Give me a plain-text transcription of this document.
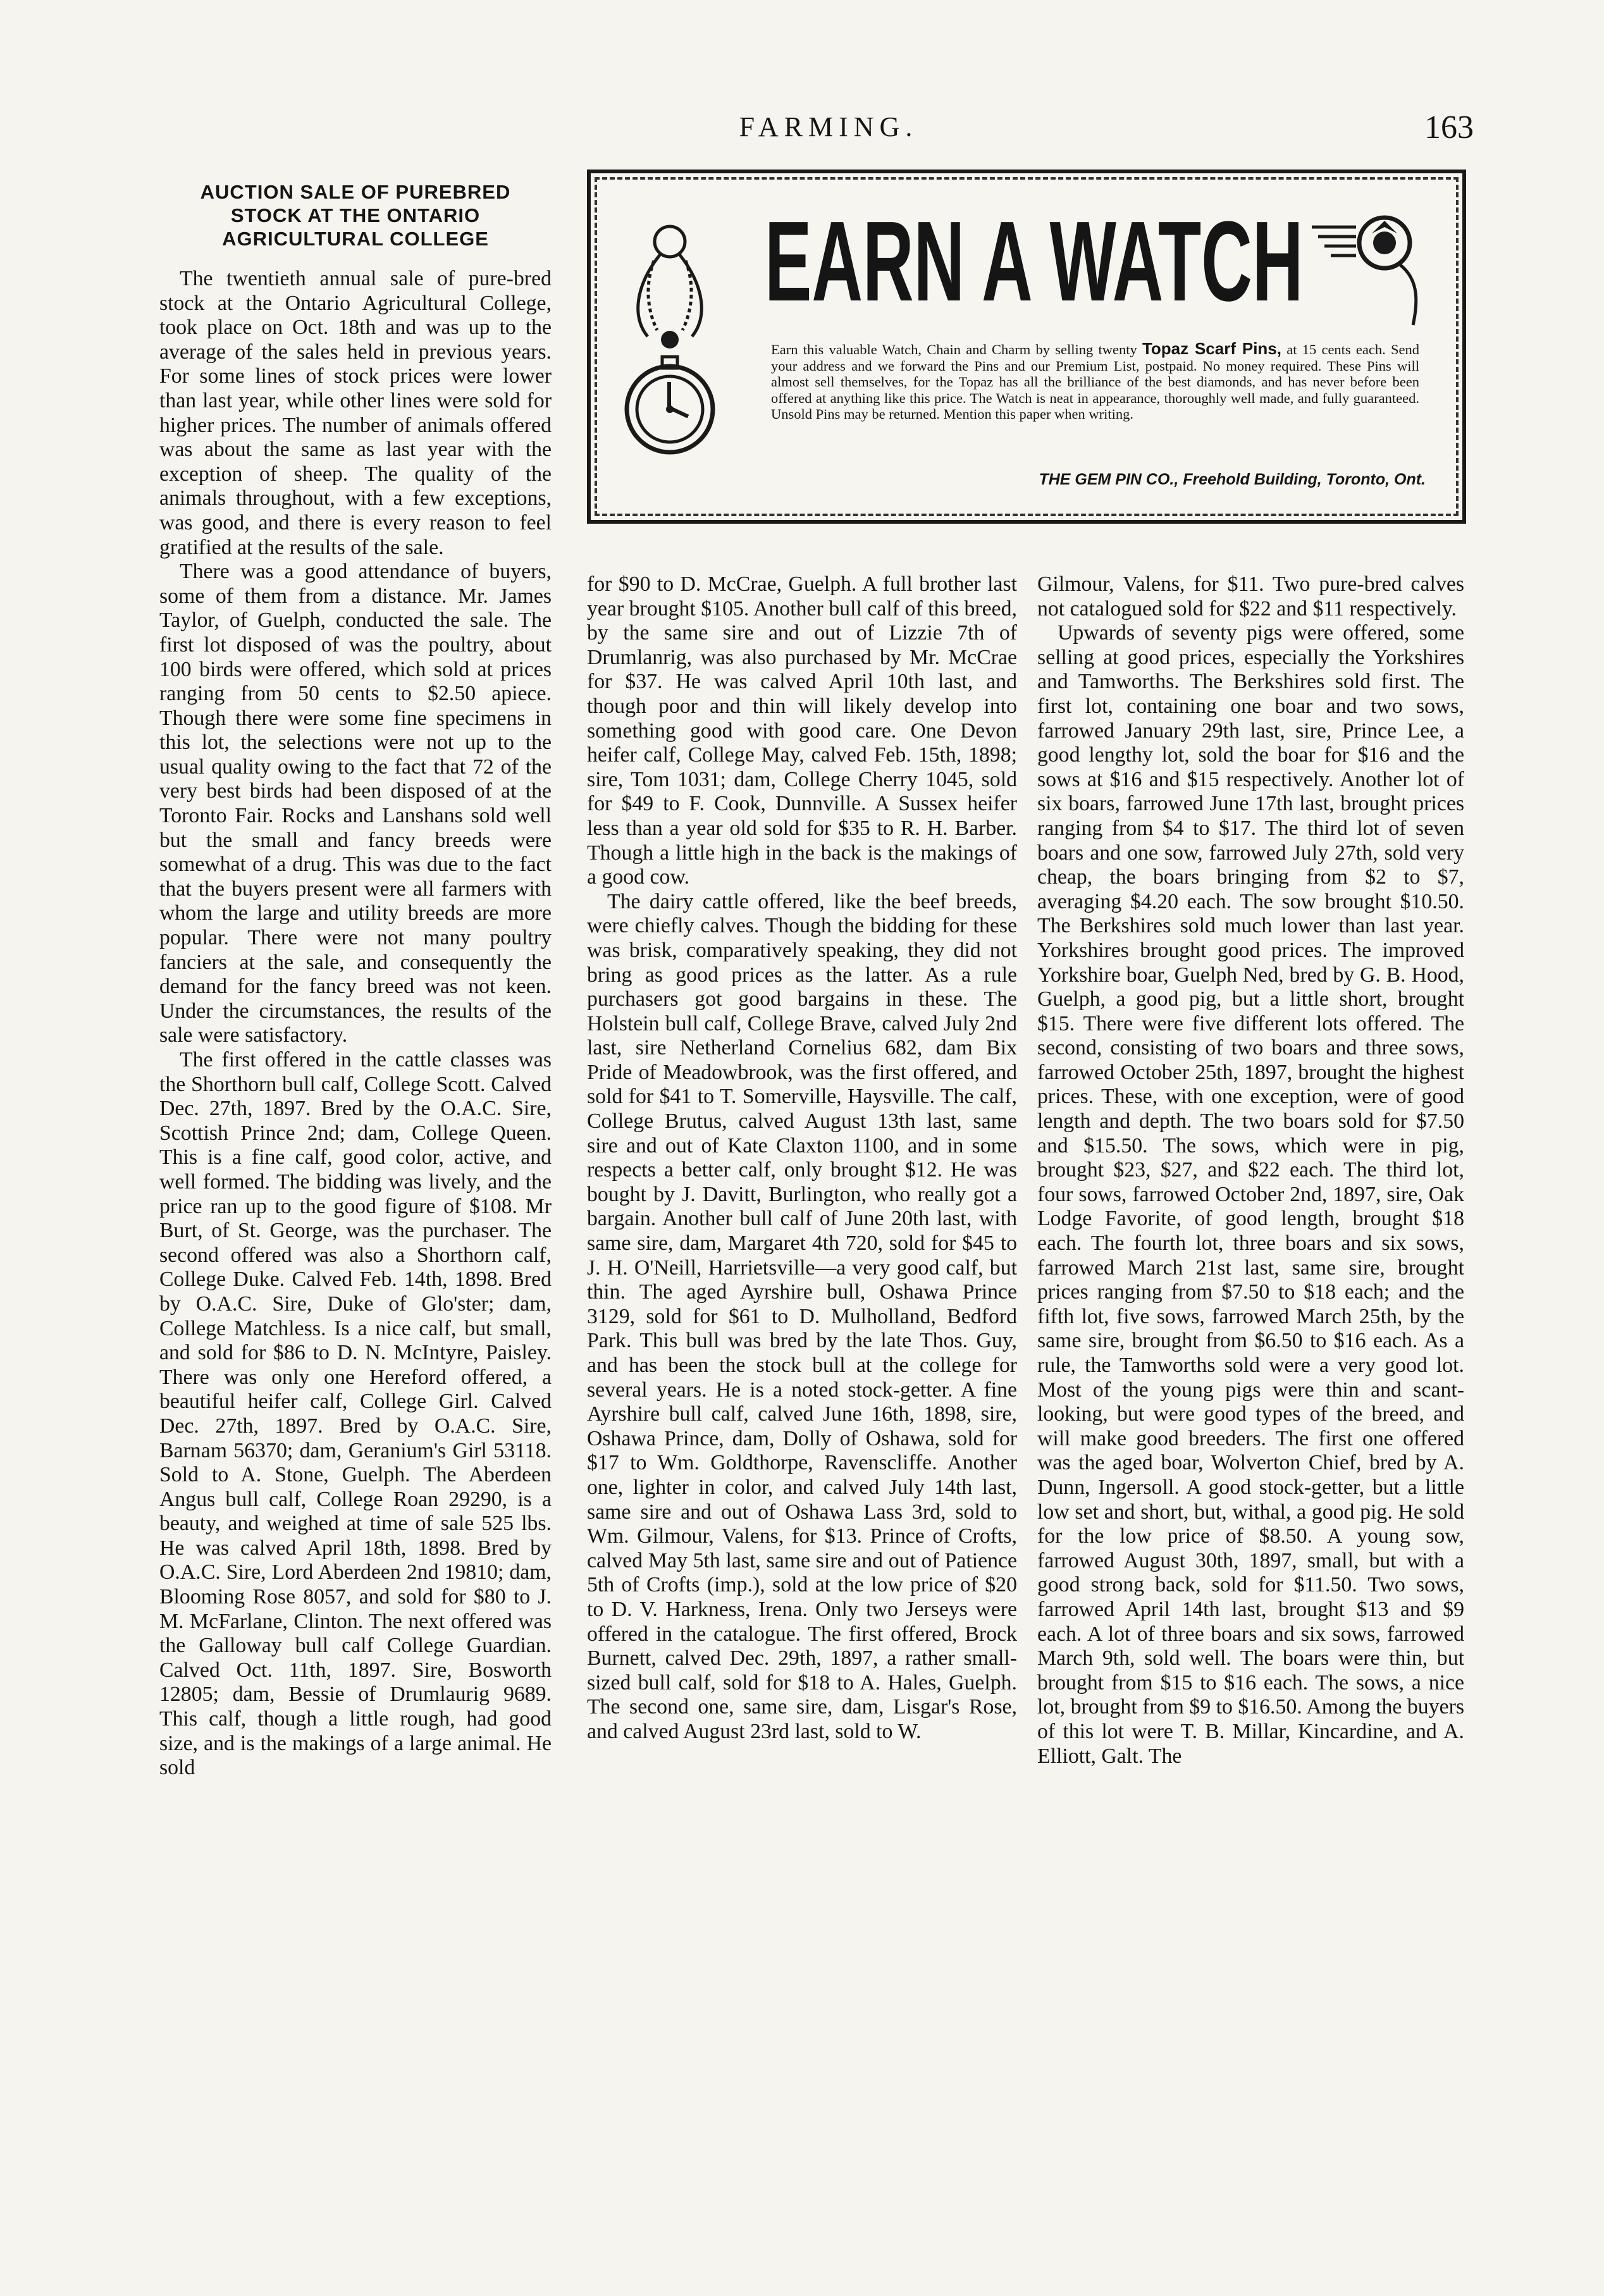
FARMING.	163
EARN A WATCH
Earn this valuable Watch, Chain and Charm by selling twenty Topaz Scarf Pins, at 15 cents each. Send your address and we forward the Pins and our Premium List, postpaid. No money required. These Pins will almost sell themselves, for the Topaz has all the brilliance of the best diamonds, and has never before been offered at anything like this price. The Watch is neat in appearance, thoroughly well made, and fully guaranteed. Unsold Pins may be returned. Mention this paper when writing.
THE GEM PIN CO., Freehold Building, Toronto, Ont.
AUCTION SALE OF PUREBRED
STOCK AT THE ONTARIO
AGRICULTURAL COLLEGE

The twentieth annual sale of pure-bred stock at the Ontario Agricultural College, took place on Oct. 18th and was up to the average of the sales held in previous years. For some lines of stock prices were lower than last year, while other lines were sold for higher prices. The number of animals offered was about the same as last year with the exception of sheep. The quality of the animals throughout, with a few exceptions, was good, and there is every reason to feel gratified at the results of the sale.

There was a good attendance of buyers, some of them from a distance. Mr. James Taylor, of Guelph, conducted the sale. The first lot disposed of was the poultry, about 100 birds were offered, which sold at prices ranging from 50 cents to $2.50 apiece. Though there were some fine specimens in this lot, the selections were not up to the usual quality owing to the fact that 72 of the very best birds had been disposed of at the Toronto Fair. Rocks and Lanshans sold well but the small and fancy breeds were somewhat of a drug. This was due to the fact that the buyers present were all farmers with whom the large and utility breeds are more popular. There were not many poultry fanciers at the sale, and consequently the demand for the fancy breed was not keen. Under the circumstances, the results of the sale were satisfactory.

The first offered in the cattle classes was the Shorthorn bull calf, College Scott. Calved Dec. 27th, 1897. Bred by the O.A.C. Sire, Scottish Prince 2nd; dam, College Queen. This is a fine calf, good color, active, and well formed. The bidding was lively, and the price ran up to the good figure of $108. Mr Burt, of St. George, was the purchaser. The second offered was also a Shorthorn calf, College Duke. Calved Feb. 14th, 1898. Bred by O.A.C. Sire, Duke of Glo'ster; dam, College Matchless. Is a nice calf, but small, and sold for $86 to D. N. McIntyre, Paisley. There was only one Hereford offered, a beautiful heifer calf, College Girl. Calved Dec. 27th, 1897. Bred by O.A.C. Sire, Barnam 56370; dam, Geranium's Girl 53118. Sold to A. Stone, Guelph. The Aberdeen Angus bull calf, College Roan 29290, is a beauty, and weighed at time of sale 525 lbs. He was calved April 18th, 1898. Bred by O.A.C. Sire, Lord Aberdeen 2nd 19810; dam, Blooming Rose 8057, and sold for $80 to J. M. McFarlane, Clinton. The next offered was the Galloway bull calf College Guardian. Calved Oct. 11th, 1897. Sire, Bosworth 12805; dam, Bessie of Drumlaurig 9689. This calf, though a little rough, had good size, and is the makings of a large animal. He sold

for $90 to D. McCrae, Guelph. A full brother last year brought $105. Another bull calf of this breed, by the same sire and out of Lizzie 7th of Drumlanrig, was also purchased by Mr. McCrae for $37. He was calved April 10th last, and though poor and thin will likely develop into something good with good care. One Devon heifer calf, College May, calved Feb. 15th, 1898; sire, Tom 1031; dam, College Cherry 1045, sold for $49 to F. Cook, Dunnville. A Sussex heifer less than a year old sold for $35 to R. H. Barber. Though a little high in the back is the makings of a good cow.

The dairy cattle offered, like the beef breeds, were chiefly calves. Though the bidding for these was brisk, comparatively speaking, they did not bring as good prices as the latter. As a rule purchasers got good bargains in these. The Holstein bull calf, College Brave, calved July 2nd last, sire Netherland Cornelius 682, dam Bix Pride of Meadowbrook, was the first offered, and sold for $41 to T. Somerville, Haysville. The calf, College Brutus, calved August 13th last, same sire and out of Kate Claxton 1100, and in some respects a better calf, only brought $12. He was bought by J. Davitt, Burlington, who really got a bargain. Another bull calf of June 20th last, with same sire, dam, Margaret 4th 720, sold for $45 to J. H. O'Neill, Harrietsville—a very good calf, but thin. The aged Ayrshire bull, Oshawa Prince 3129, sold for $61 to D. Mulholland, Bedford Park. This bull was bred by the late Thos. Guy, and has been the stock bull at the college for several years. He is a noted stock-getter. A fine Ayrshire bull calf, calved June 16th, 1898, sire, Oshawa Prince, dam, Dolly of Oshawa, sold for $17 to Wm. Goldthorpe, Ravenscliffe. Another one, lighter in color, and calved July 14th last, same sire and out of Oshawa Lass 3rd, sold to Wm. Gilmour, Valens, for $13. Prince of Crofts, calved May 5th last, same sire and out of Patience 5th of Crofts (imp.), sold at the low price of $20 to D. V. Harkness, Irena. Only two Jerseys were offered in the catalogue. The first offered, Brock Burnett, calved Dec. 29th, 1897, a rather small-sized bull calf, sold for $18 to A. Hales, Guelph. The second one, same sire, dam, Lisgar's Rose, and calved August 23rd last, sold to W.

Gilmour, Valens, for $11. Two pure-bred calves not catalogued sold for $22 and $11 respectively.

Upwards of seventy pigs were offered, some selling at good prices, especially the Yorkshires and Tamworths. The Berkshires sold first. The first lot, containing one boar and two sows, farrowed January 29th last, sire, Prince Lee, a good lengthy lot, sold the boar for $16 and the sows at $16 and $15 respectively. Another lot of six boars, farrowed June 17th last, brought prices ranging from $4 to $17. The third lot of seven boars and one sow, farrowed July 27th, sold very cheap, the boars bringing from $2 to $7, averaging $4.20 each. The sow brought $10.50. The Berkshires sold much lower than last year. Yorkshires brought good prices. The improved Yorkshire boar, Guelph Ned, bred by G. B. Hood, Guelph, a good pig, but a little short, brought $15. There were five different lots offered. The second, consisting of two boars and three sows, farrowed October 25th, 1897, brought the highest prices. These, with one exception, were of good length and depth. The two boars sold for $7.50 and $15.50. The sows, which were in pig, brought $23, $27, and $22 each. The third lot, four sows, farrowed October 2nd, 1897, sire, Oak Lodge Favorite, of good length, brought $18 each. The fourth lot, three boars and six sows, farrowed March 21st last, same sire, brought prices ranging from $7.50 to $18 each; and the fifth lot, five sows, farrowed March 25th, by the same sire, brought from $6.50 to $16 each. As a rule, the Tamworths sold were a very good lot. Most of the young pigs were thin and scant-looking, but were good types of the breed, and will make good breeders. The first one offered was the aged boar, Wolverton Chief, bred by A. Dunn, Ingersoll. A good stock-getter, but a little low set and short, but, withal, a good pig. He sold for the low price of $8.50. A young sow, farrowed August 30th, 1897, small, but with a good strong back, sold for $11.50. Two sows, farrowed April 14th last, brought $13 and $9 each. A lot of three boars and six sows, farrowed March 9th, sold well. The boars were thin, but brought from $15 to $16 each. The sows, a nice lot, brought from $9 to $16.50. Among the buyers of this lot were T. B. Millar, Kincardine, and A. Elliott, Galt. The
